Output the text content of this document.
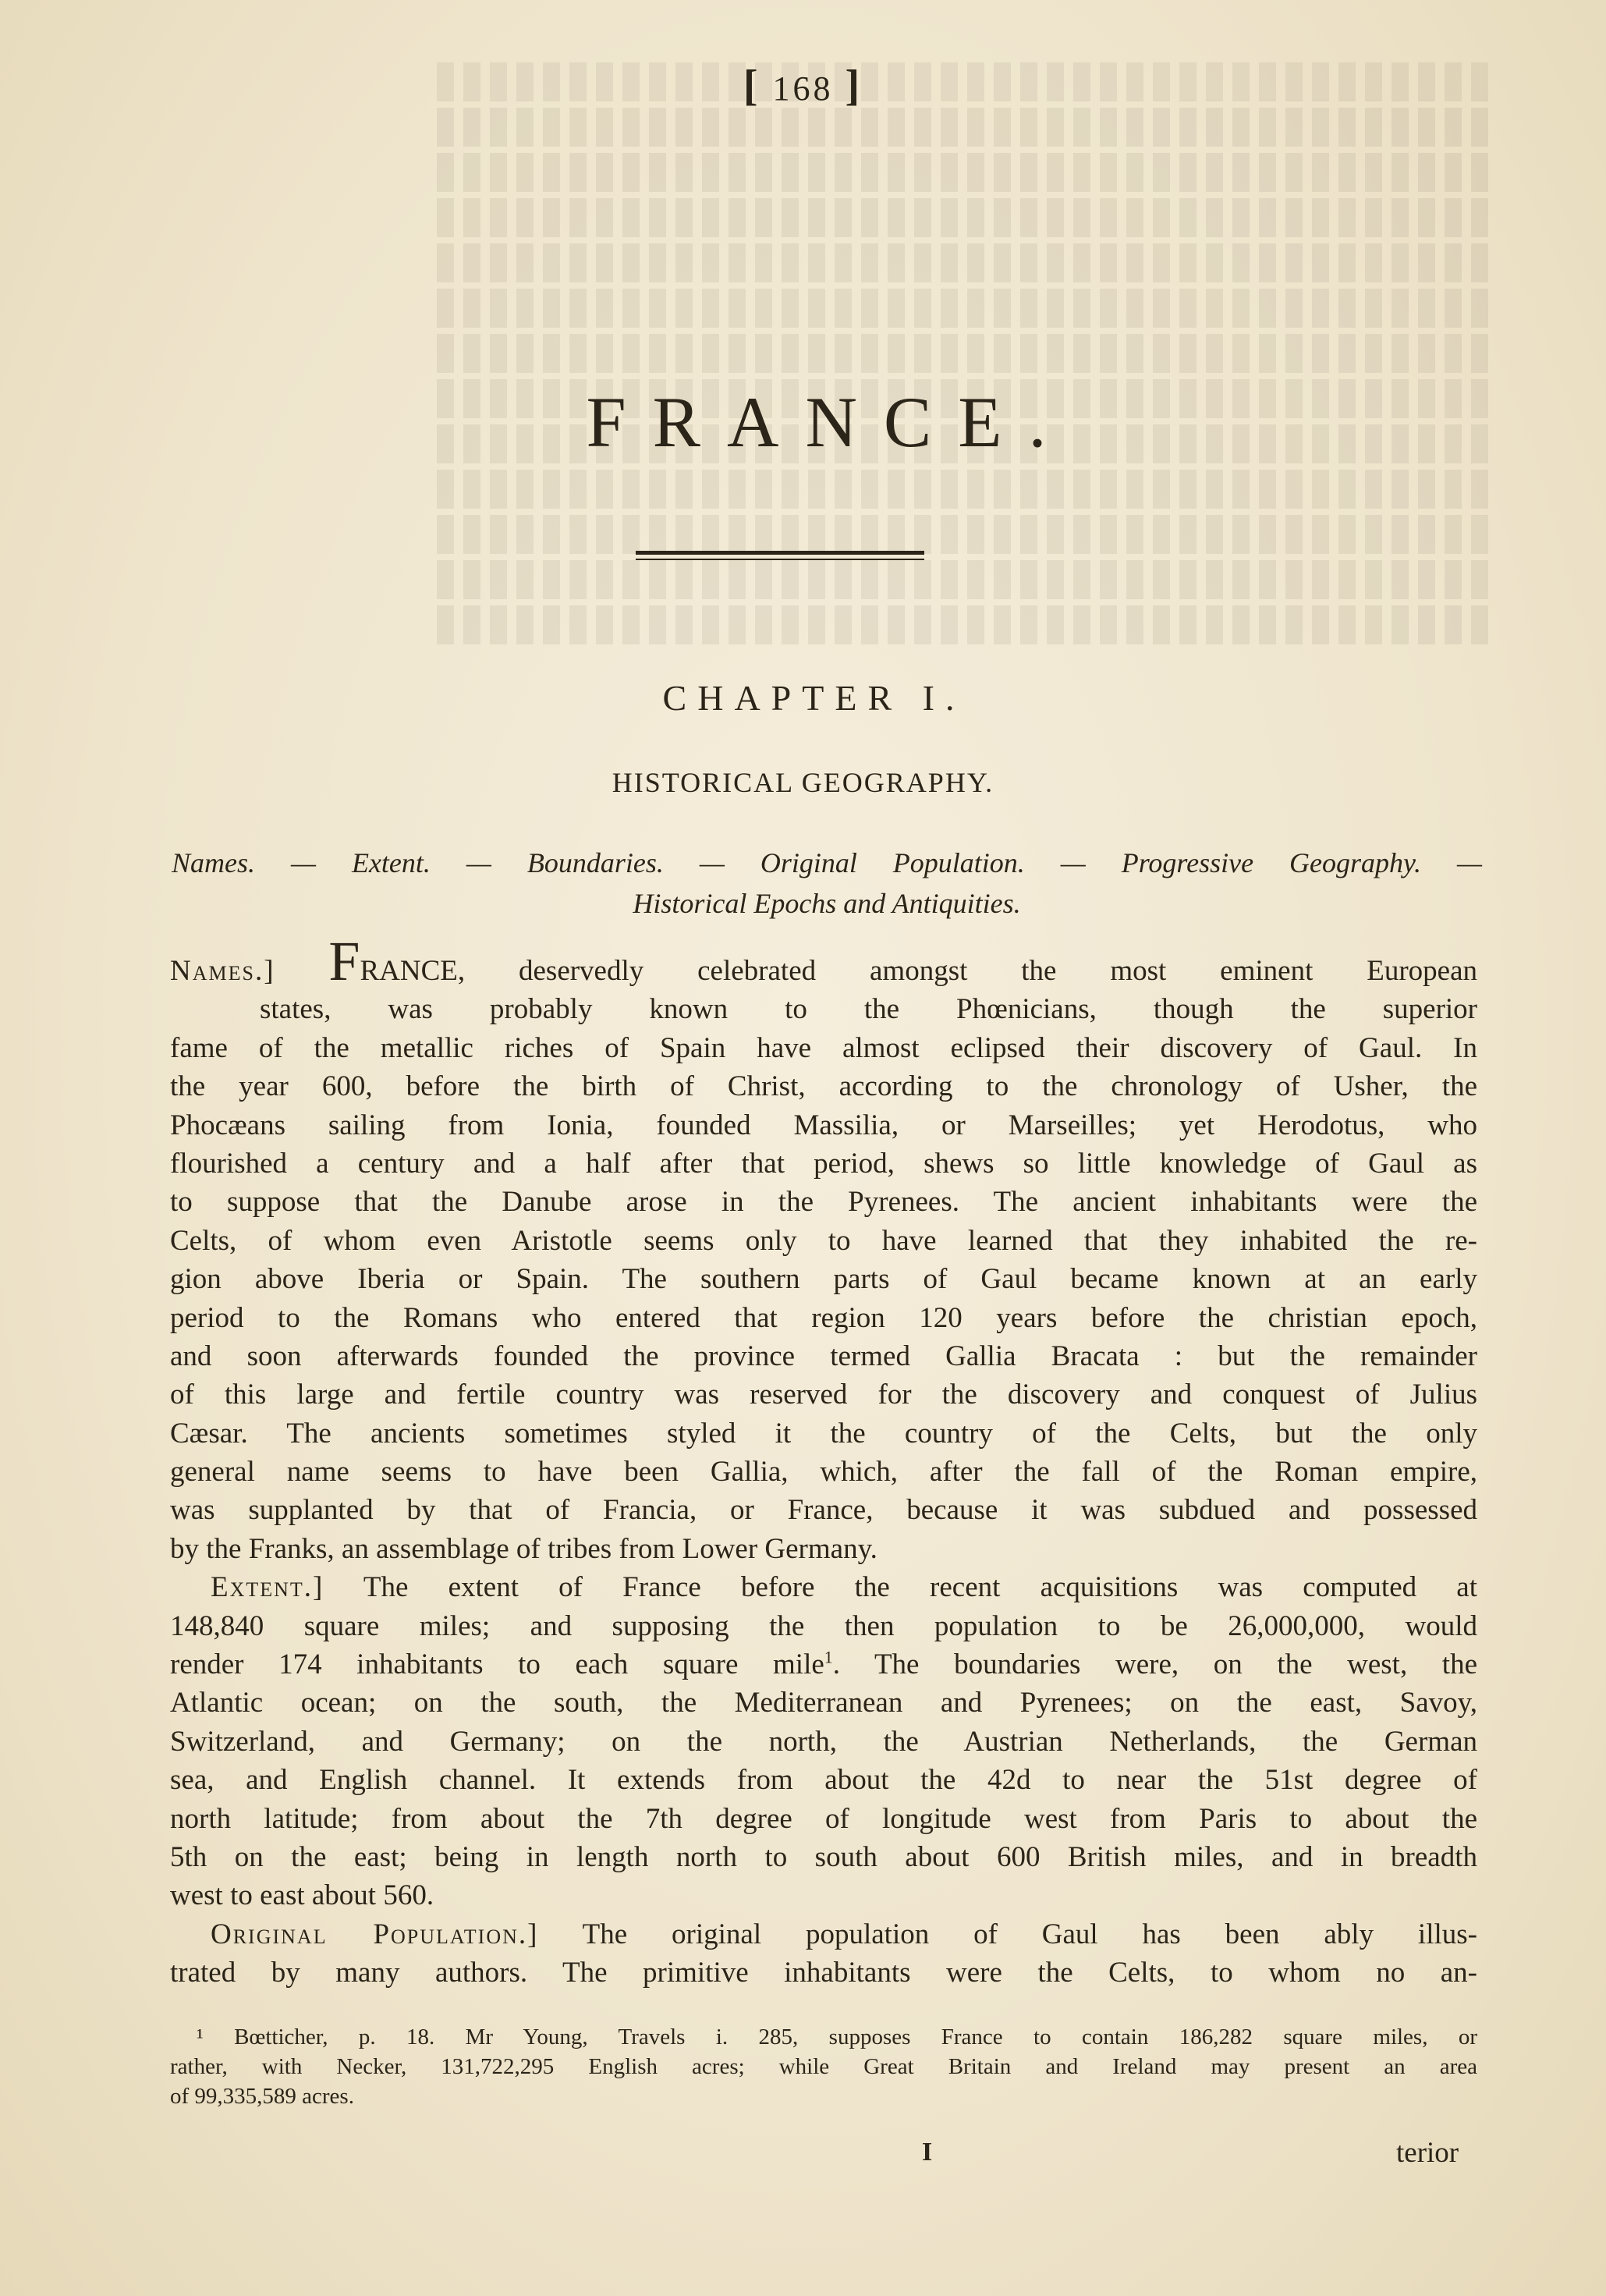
[ 168 ]
FRANCE.
CHAPTER I.
HISTORICAL GEOGRAPHY.
Names. — Extent. — Boundaries. — Original Population. — Progressive Geography. —
Historical Epochs and Antiquities.
Names.] FRANCE, deservedly celebrated amongst the most eminent European
states, was probably known to the Phœnicians, though the superior
fame of the metallic riches of Spain have almost eclipsed their discovery of Gaul. In
the year 600, before the birth of Christ, according to the chronology of Usher, the
Phocæans sailing from Ionia, founded Massilia, or Marseilles; yet Herodotus, who
flourished a century and a half after that period, shews so little knowledge of Gaul as
to suppose that the Danube arose in the Pyrenees. The ancient inhabitants were the
Celts, of whom even Aristotle seems only to have learned that they inhabited the re-
gion above Iberia or Spain. The southern parts of Gaul became known at an early
period to the Romans who entered that region 120 years before the christian epoch,
and soon afterwards founded the province termed Gallia Bracata : but the remainder
of this large and fertile country was reserved for the discovery and conquest of Julius
Cæsar. The ancients sometimes styled it the country of the Celts, but the only
general name seems to have been Gallia, which, after the fall of the Roman empire,
was supplanted by that of Francia, or France, because it was subdued and possessed
by the Franks, an assemblage of tribes from Lower Germany.
Extent.] The extent of France before the recent acquisitions was computed at
148,840 square miles; and supposing the then population to be 26,000,000, would
render 174 inhabitants to each square mile$^1$. The boundaries were, on the west, the
Atlantic ocean; on the south, the Mediterranean and Pyrenees; on the east, Savoy,
Switzerland, and Germany; on the north, the Austrian Netherlands, the German
sea, and English channel. It extends from about the 42d to near the 51st degree of
north latitude; from about the 7th degree of longitude west from Paris to about the
5th on the east; being in length north to south about 600 British miles, and in breadth
west to east about 560.
Original Population.] The original population of Gaul has been ably illus-
trated by many authors. The primitive inhabitants were the Celts, to whom no an-
¹ Bœtticher, p. 18. Mr Young, Travels i. 285, supposes France to contain 186,282 square miles, or
rather, with Necker, 131,722,295 English acres; while Great Britain and Ireland may present an area
of 99,335,589 acres.
I	terior
